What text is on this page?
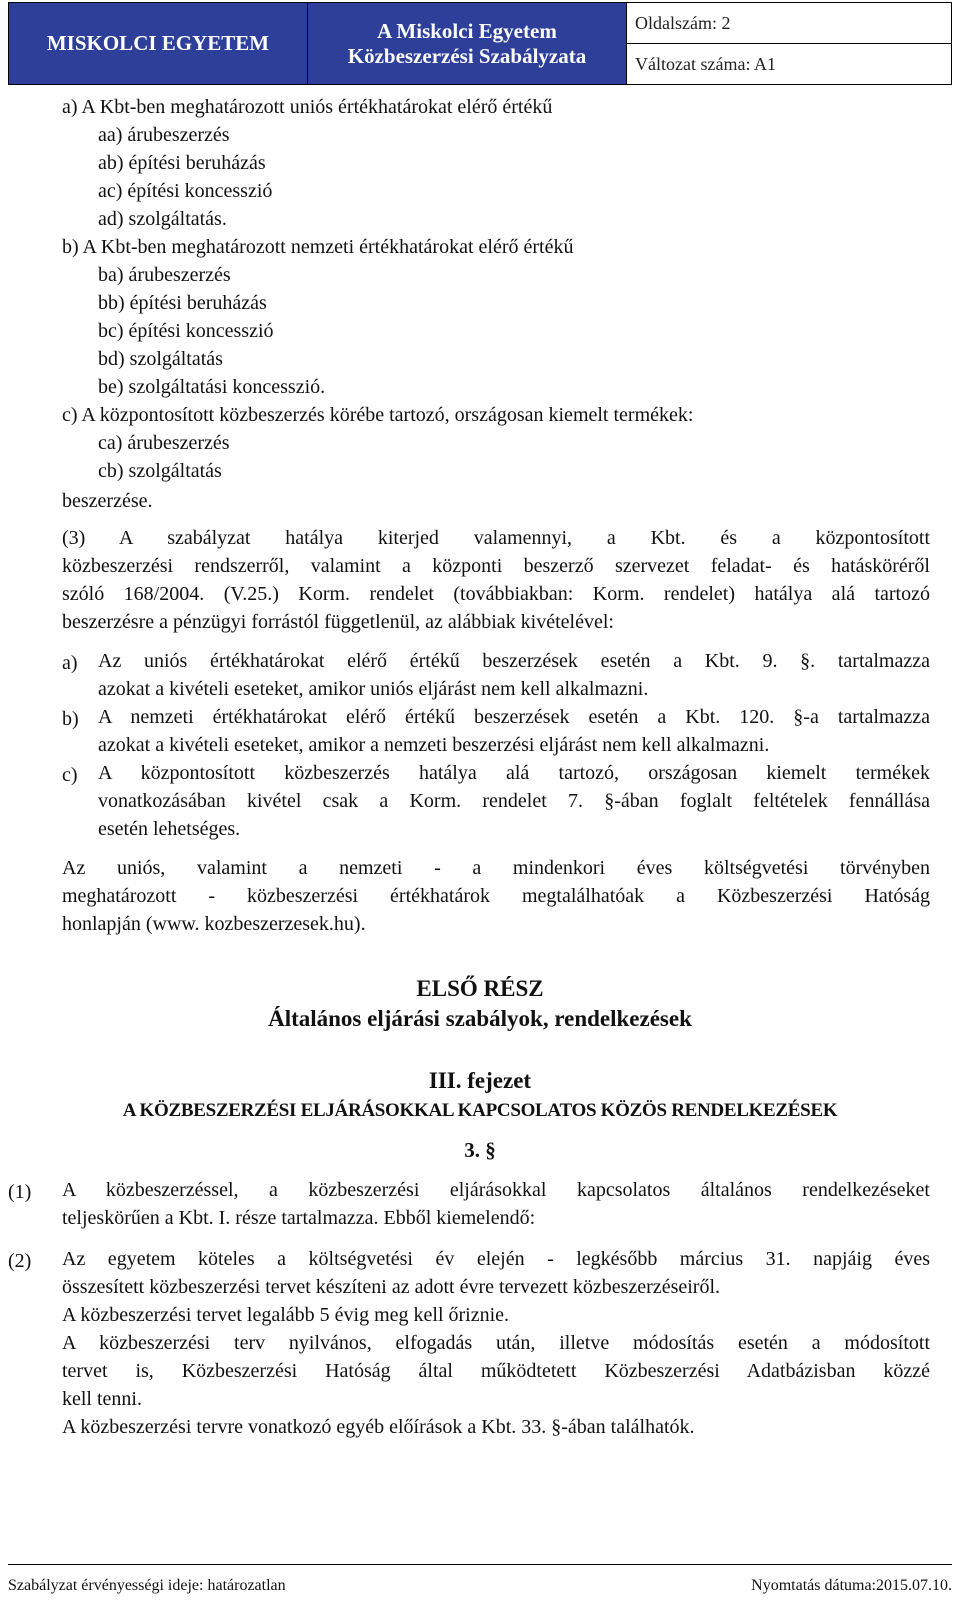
MISKOLCI EGYETEM	
A Miskolci Egyetem
Közbeszerzési Szabályzata
	Oldalszám: 2
Változat száma: A1
a) A Kbt-ben meghatározott uniós értékhatárokat elérő értékű
aa) árubeszerzés
ab) építési beruházás
ac) építési koncesszió
ad) szolgáltatás.
b) A Kbt-ben meghatározott nemzeti értékhatárokat elérő értékű
ba) árubeszerzés
bb) építési beruházás
bc) építési koncesszió
bd) szolgáltatás
be) szolgáltatási koncesszió.
c) A központosított közbeszerzés körébe tartozó, országosan kiemelt termékek:
ca) árubeszerzés
cb) szolgáltatás
beszerzése.
(3) A szabályzat hatálya kiterjed valamennyi, a Kbt. és a központosított
közbeszerzési rendszerről, valamint a központi beszerző szervezet feladat- és hatásköréről
szóló 168/2004. (V.25.) Korm. rendelet (továbbiakban: Korm. rendelet) hatálya alá tartozó
beszerzésre a pénzügyi forrástól függetlenül, az alábbiak kivételével:
a) Az uniós értékhatárokat elérő értékű beszerzések esetén a Kbt. 9. §. tartalmazza
azokat a kivételi eseteket, amikor uniós eljárást nem kell alkalmazni.
b) A nemzeti értékhatárokat elérő értékű beszerzések esetén a Kbt. 120. §-a tartalmazza
azokat a kivételi eseteket, amikor a nemzeti beszerzési eljárást nem kell alkalmazni.
c) A központosított közbeszerzés hatálya alá tartozó, országosan kiemelt termékek
vonatkozásában kivétel csak a Korm. rendelet 7. §-ában foglalt feltételek fennállása
esetén lehetséges.
Az uniós, valamint a nemzeti - a mindenkori éves költségvetési törvényben
meghatározott - közbeszerzési értékhatárok megtalálhatóak a Közbeszerzési Hatóság
honlapján (www. kozbeszerzesek.hu).
ELSŐ RÉSZ
Általános eljárási szabályok, rendelkezések
III. fejezet
A KÖZBESZERZÉSI ELJÁRÁSOKKAL KAPCSOLATOS KÖZÖS RENDELKEZÉSEK
3. §
(1) A közbeszerzéssel, a közbeszerzési eljárásokkal kapcsolatos általános rendelkezéseket
teljeskörűen a Kbt. I. része tartalmazza. Ebből kiemelendő:
(2) Az egyetem köteles a költségvetési év elején - legkésőbb március 31. napjáig éves
összesített közbeszerzési tervet készíteni az adott évre tervezett közbeszerzéseiről.
A közbeszerzési tervet legalább 5 évig meg kell őriznie.
A közbeszerzési terv nyilvános, elfogadás után, illetve módosítás esetén a módosított
tervet is, Közbeszerzési Hatóság által működtetett Közbeszerzési Adatbázisban közzé
kell tenni.
A közbeszerzési tervre vonatkozó egyéb előírások a Kbt. 33. §-ában találhatók.
Szabályzat érvényességi ideje: határozatlan	Nyomtatás dátuma:2015.07.10.
